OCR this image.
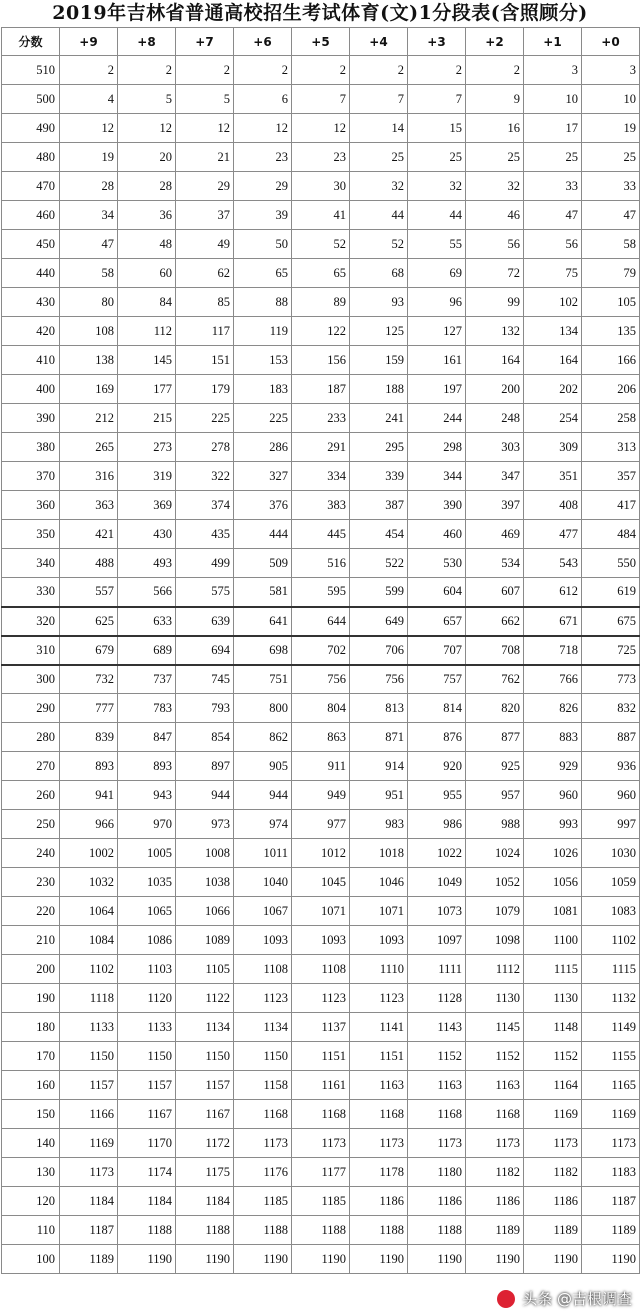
2019年吉林省普通高校招生考试体育(文)1分段表(含照顾分)
分数	+9	+8	+7	+6	+5	+4	+3	+2	+1	+0
510	2	2	2	2	2	2	2	2	3	3
500	4	5	5	6	7	7	7	9	10	10
490	12	12	12	12	12	14	15	16	17	19
480	19	20	21	23	23	25	25	25	25	25
470	28	28	29	29	30	32	32	32	33	33
460	34	36	37	39	41	44	44	46	47	47
450	47	48	49	50	52	52	55	56	56	58
440	58	60	62	65	65	68	69	72	75	79
430	80	84	85	88	89	93	96	99	102	105
420	108	112	117	119	122	125	127	132	134	135
410	138	145	151	153	156	159	161	164	164	166
400	169	177	179	183	187	188	197	200	202	206
390	212	215	225	225	233	241	244	248	254	258
380	265	273	278	286	291	295	298	303	309	313
370	316	319	322	327	334	339	344	347	351	357
360	363	369	374	376	383	387	390	397	408	417
350	421	430	435	444	445	454	460	469	477	484
340	488	493	499	509	516	522	530	534	543	550
330	557	566	575	581	595	599	604	607	612	619
320	625	633	639	641	644	649	657	662	671	675
310	679	689	694	698	702	706	707	708	718	725
300	732	737	745	751	756	756	757	762	766	773
290	777	783	793	800	804	813	814	820	826	832
280	839	847	854	862	863	871	876	877	883	887
270	893	893	897	905	911	914	920	925	929	936
260	941	943	944	944	949	951	955	957	960	960
250	966	970	973	974	977	983	986	988	993	997
240	1002	1005	1008	1011	1012	1018	1022	1024	1026	1030
230	1032	1035	1038	1040	1045	1046	1049	1052	1056	1059
220	1064	1065	1066	1067	1071	1071	1073	1079	1081	1083
210	1084	1086	1089	1093	1093	1093	1097	1098	1100	1102
200	1102	1103	1105	1108	1108	1110	1111	1112	1115	1115
190	1118	1120	1122	1123	1123	1123	1128	1130	1130	1132
180	1133	1133	1134	1134	1137	1141	1143	1145	1148	1149
170	1150	1150	1150	1150	1151	1151	1152	1152	1152	1155
160	1157	1157	1157	1158	1161	1163	1163	1163	1164	1165
150	1166	1167	1167	1168	1168	1168	1168	1168	1169	1169
140	1169	1170	1172	1173	1173	1173	1173	1173	1173	1173
130	1173	1174	1175	1176	1177	1178	1180	1182	1182	1183
120	1184	1184	1184	1185	1185	1186	1186	1186	1186	1187
110	1187	1188	1188	1188	1188	1188	1188	1189	1189	1189
100	1189	1190	1190	1190	1190	1190	1190	1190	1190	1190
头条 @吉根调查
